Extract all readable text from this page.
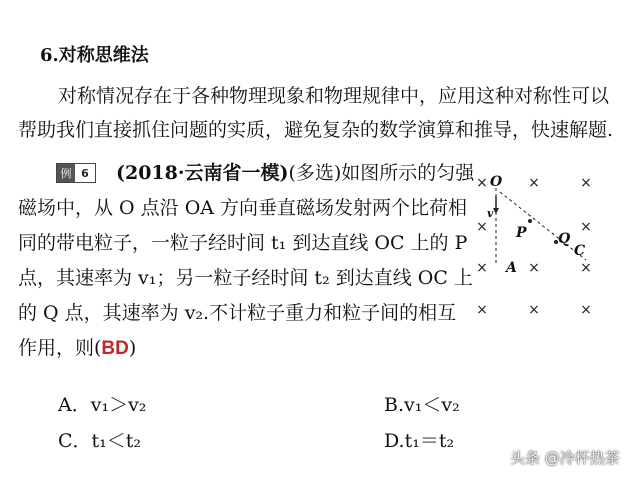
6.对称思维法
对称情况存在于各种物理现象和物理规律中，应用这种对称性可以
帮助我们直接抓住问题的实质，避免复杂的数学演算和推导，快速解题.
例 6	(2018·云南省一模)(多选)如图所示的匀强
磁场中，从 O 点沿 OA 方向垂直磁场发射两个比荷相
同的带电粒子，一粒子经时间 t₁ 到达直线 OC 上的 P
点，其速率为 v₁；另一粒子经时间 t₂ 到达直线 OC 上
的 Q 点，其速率为 v₂.不计粒子重力和粒子间的相互
作用，则(BD)
A．v₁＞v₂	B.v₁＜v₂
C．t₁＜t₂	D.t₁＝t₂
×	×	×
×	×
×	×	×
×	×	×
O
v
P Q
C
A
头条 @冷杯热茶
